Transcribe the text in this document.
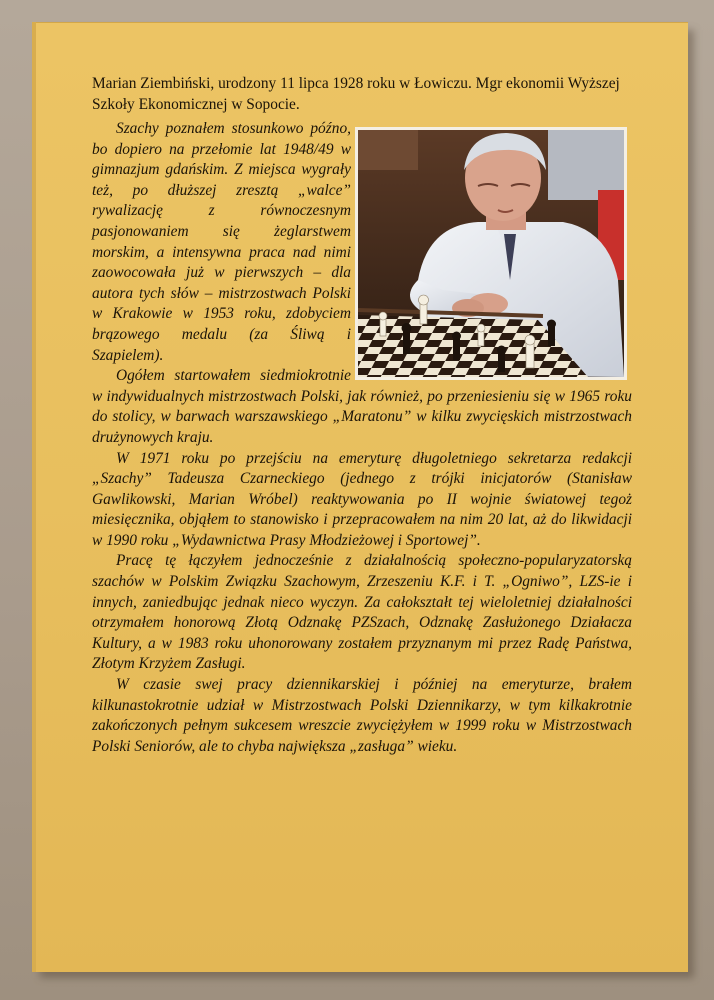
Marian Ziembiński, urodzony 11 lipca 1928 roku w Łowiczu. Mgr ekonomii Wyższej Szkoły Ekonomicznej w Sopocie.

Szachy poznałem stosunkowo późno, bo dopiero na przełomie lat 1948/49 w gimnazjum gdańskim. Z miejsca wygrały też, po dłuższej zresztą „walce” rywalizację z równoczesnym pasjonowaniem się żeglarstwem morskim, a intensywna praca nad nimi zaowocowała już w pierwszych – dla autora tych słów – mistrzostwach Polski w Krakowie w 1953 roku, zdobyciem brązowego medalu (za Śliwą i Szapielem).

Ogółem startowałem siedmiokrotnie w indywidualnych mistrzostwach Polski, jak również, po przeniesieniu się w 1965 roku do stolicy, w barwach warszawskiego „Maratonu” w kilku zwycięskich mistrzostwach drużynowych kraju.

W 1971 roku po przejściu na emeryturę długoletniego sekretarza redakcji „Szachy” Tadeusza Czarneckiego (jednego z trójki inicjatorów (Stanisław Gawlikowski, Marian Wróbel) reaktywowania po II wojnie światowej tegoż miesięcznika, objąłem to stanowisko i przepracowałem na nim 20 lat, aż do likwidacji w 1990 roku „Wydawnictwa Prasy Młodzieżowej i Sportowej”.

Pracę tę łączyłem jednocześnie z działalnością społeczno-popularyzatorską szachów w Polskim Związku Szachowym, Zrzeszeniu K.F. i T. „Ogniwo”, LZS-ie i innych, zaniedbując jednak nieco wyczyn. Za całokształt tej wieloletniej działalności otrzymałem honorową Złotą Odznakę PZSzach, Odznakę Zasłużonego Działacza Kultury, a w 1983 roku uhonorowany zostałem przyznanym mi przez Radę Państwa, Złotym Krzyżem Zasługi.

W czasie swej pracy dziennikarskiej i później na emeryturze, brałem kilkunastokrotnie udział w Mistrzostwach Polski Dziennikarzy, w tym kilkakrotnie zakończonych pełnym sukcesem wreszcie zwyciężyłem w 1999 roku w Mistrzostwach Polski Seniorów, ale to chyba największa „zasługa” wieku.
